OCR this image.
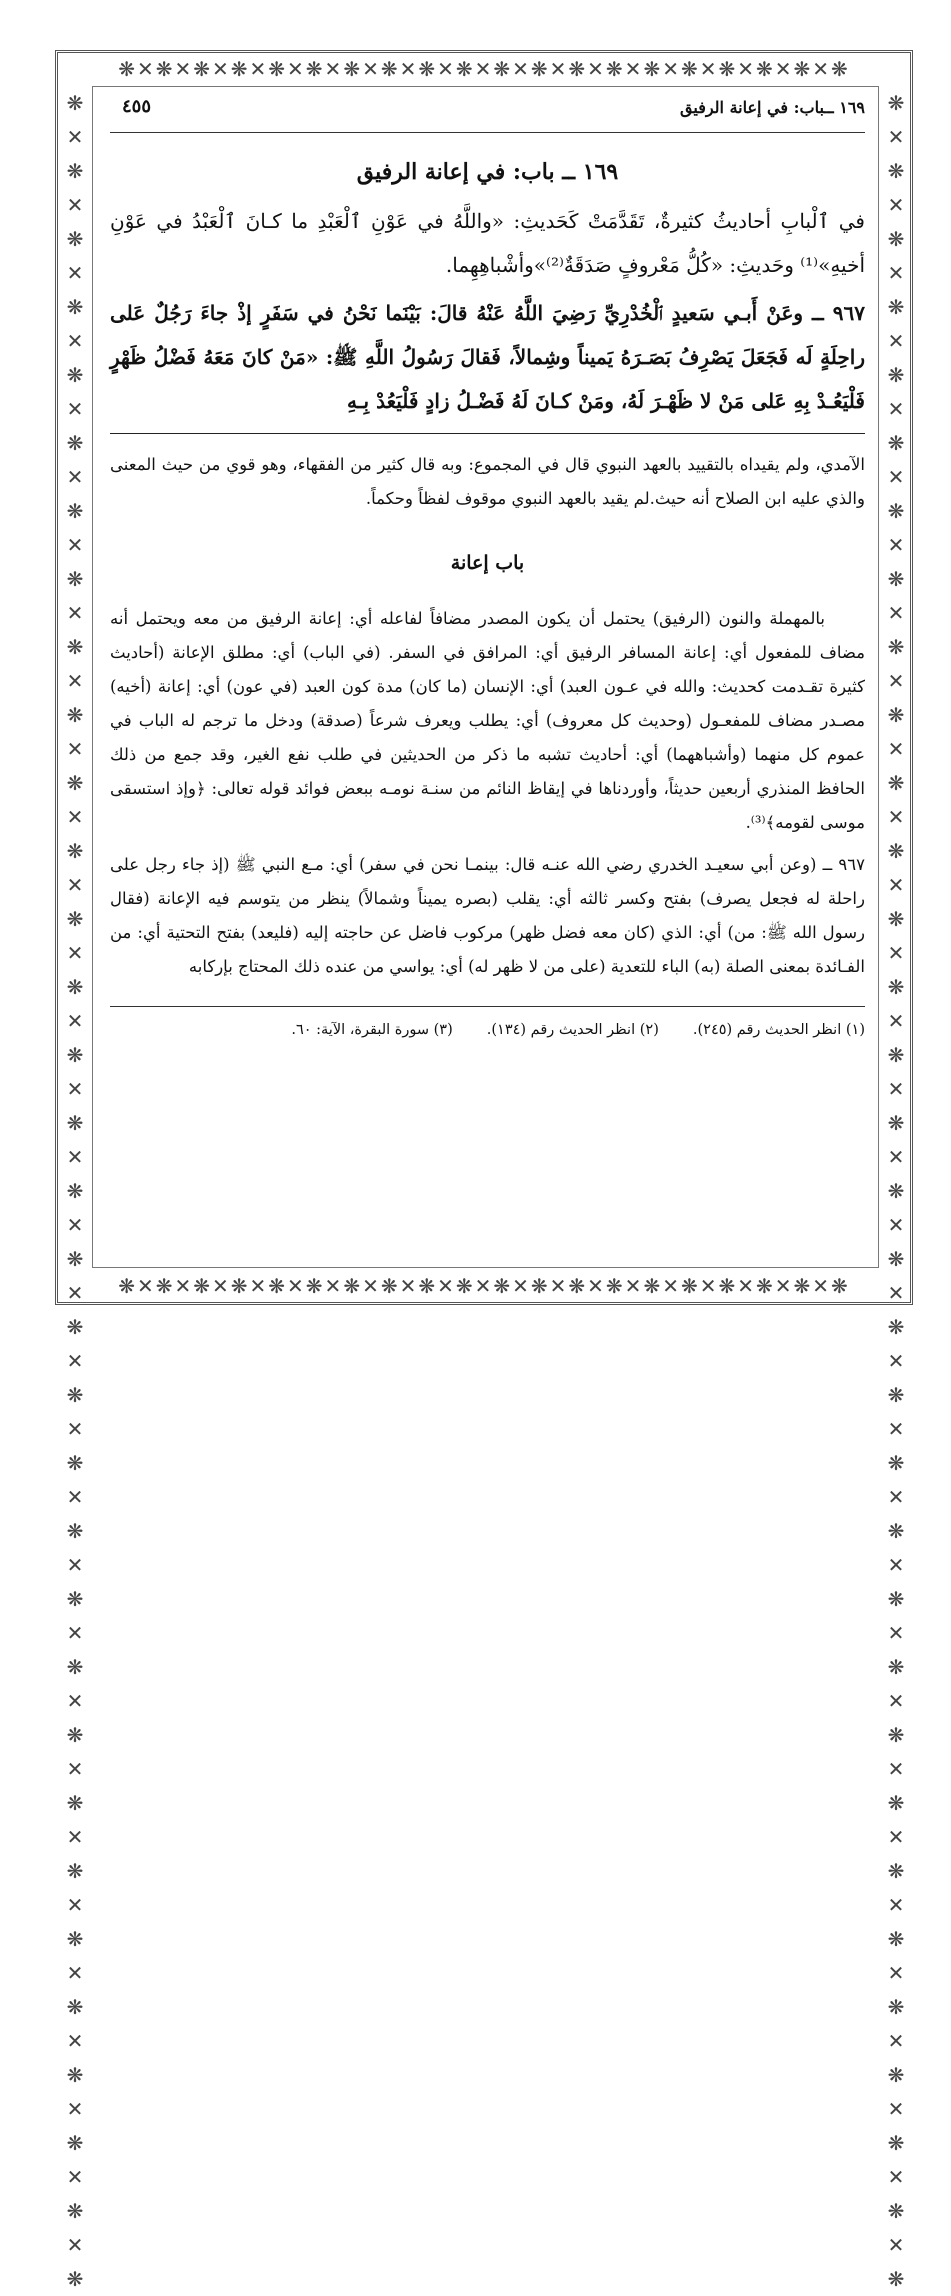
❋✕❋✕❋✕❋✕❋✕❋✕❋✕❋✕❋✕❋✕❋✕❋✕❋✕❋✕❋✕❋✕❋✕❋✕❋✕❋
❋✕❋✕❋✕❋✕❋✕❋✕❋✕❋✕❋✕❋✕❋✕❋✕❋✕❋✕❋✕❋✕❋✕❋✕❋✕❋
❋ ✕ ❋ ✕ ❋ ✕ ❋ ✕ ❋ ✕ ❋ ✕ ❋ ✕ ❋ ✕ ❋ ✕ ❋ ✕ ❋ ✕ ❋ ✕ ❋ ✕ ❋ ✕ ❋ ✕ ❋ ✕ ❋ ✕ ❋ ✕ ❋ ✕ ❋ ✕ ❋ ✕ ❋ ✕ ❋ ✕ ❋ ✕ ❋ ✕ ❋ ✕ ❋ ✕ ❋ ✕ ❋ ✕ ❋ ✕ ❋ ✕ ❋ ✕ ❋
❋ ✕ ❋ ✕ ❋ ✕ ❋ ✕ ❋ ✕ ❋ ✕ ❋ ✕ ❋ ✕ ❋ ✕ ❋ ✕ ❋ ✕ ❋ ✕ ❋ ✕ ❋ ✕ ❋ ✕ ❋ ✕ ❋ ✕ ❋ ✕ ❋ ✕ ❋ ✕ ❋ ✕ ❋ ✕ ❋ ✕ ❋ ✕ ❋ ✕ ❋ ✕ ❋ ✕ ❋ ✕ ❋ ✕ ❋ ✕ ❋ ✕ ❋ ✕ ❋
١٦٩ ــباب: في إعانة الرفيق
٤٥٥
١٦٩ ــ باب: في إعانة الرفيق

في ٱلْبابِ أحاديثُ كثيرةٌ، تَقَدَّمَتْ كَحَديثِ: «واللَّهُ في عَوْنِ ٱلْعَبْدِ ما كـانَ ٱلْعَبْدُ في عَوْنِ أخيهِ»⁽¹⁾ وحَديثِ: «كُلُّ مَعْروفٍ صَدَقَةٌ⁽²⁾»وأشْباهِهِما.

٩٦٧ ــ وعَنْ أَبـي سَعيدٍ ٱلْخُدْرِيِّ رَضِيَ اللَّهُ عَنْهُ قالَ: بَيْنَما نَحْنُ في سَفَرٍ إذْ جاءَ رَجُلٌ عَلى راحِلَةٍ لَه فَجَعَلَ يَصْرِفُ بَصَـرَهُ يَميناً وشِمالاً، فَقالَ رَسُولُ اللَّهِ ﷺ: «مَنْ كانَ مَعَهُ فَضْلُ ظَهْرٍ فَلْيَعُـدْ بِهِ عَلى مَنْ لا ظَهْـرَ لَهُ، ومَنْ كـانَ لَهُ فَضْـلُ زادٍ فَلْيَعُدْ بِـهِ

الآمدي، ولم يقيداه بالتقييد بالعهد النبوي قال في المجموع: وبه قال كثير من الفقهاء، وهو قوي من حيث المعنى والذي عليه ابن الصلاح أنه حيث.لم يقيد بالعهد النبوي موقوف لفظاً وحكماً.

باب إعانة

بالمهملة والنون (الرفيق) يحتمل أن يكون المصدر مضافاً لفاعله أي: إعانة الرفيق من معه ويحتمل أنه مضاف للمفعول أي: إعانة المسافر الرفيق أي: المرافق في السفر. (في الباب) أي: مطلق الإعانة (أحاديث كثيرة تقـدمت كحديث: والله في عـون العبد) أي: الإنسان (ما كان) مدة كون العبد (في عون) أي: إعانة (أخيه) مصـدر مضاف للمفعـول (وحديث كل معروف) أي: يطلب ويعرف شرعاً (صدقة) ودخل ما ترجم له الباب في عموم كل منهما (وأشباههما) أي: أحاديث تشبه ما ذكر من الحديثين في طلب نفع الغير، وقد جمع من ذلك الحافظ المنذري أربعين حديثاً، وأوردناها في إيقاظ النائم من سنـة نومـه ببعض فوائد قوله تعالى: ﴿وإذ استسقى موسى لقومه﴾⁽³⁾.

٩٦٧ ــ (وعن أبي سعيـد الخدري رضي الله عنـه قال: بينمـا نحن في سفر) أي: مـع النبي ﷺ (إذ جاء رجل على راحلة له فجعل يصرف) بفتح وكسر ثالثه أي: يقلب (بصره يميناً وشمالاً) ينظر من يتوسم فيه الإعانة (فقال رسول الله ﷺ: من) أي: الذي (كان معه فضل ظهر) مركوب فاضل عن حاجته إليه (فليعد) بفتح التحتية أي: من الفـائدة بمعنى الصلة (به) الباء للتعدية (على من لا ظهر له) أي: يواسي من عنده ذلك المحتاج بإركابه

(١) انظر الحديث رقم (٢٤٥).
(٢) انظر الحديث رقم (١٣٤).
(٣) سورة البقرة، الآية: ٦٠.
